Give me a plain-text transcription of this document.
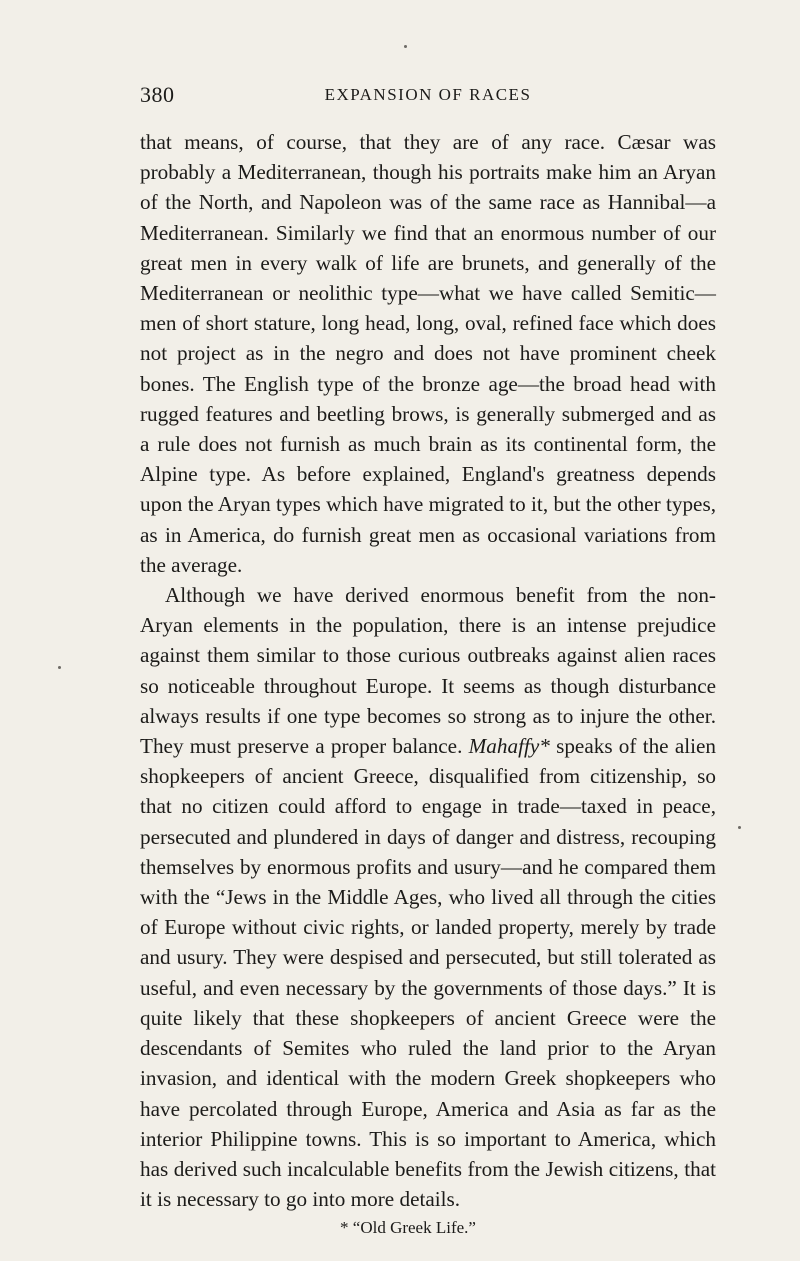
380	EXPANSION OF RACES

that means, of course, that they are of any race. Cæsar was probably a Mediterranean, though his portraits make him an Aryan of the North, and Napoleon was of the same race as Hannibal—a Mediterranean. Similarly we find that an enormous number of our great men in every walk of life are brunets, and generally of the Mediterranean or neolithic type—what we have called Semitic—men of short stature, long head, long, oval, refined face which does not project as in the negro and does not have prominent cheek bones. The English type of the bronze age—the broad head with rugged features and beetling brows, is generally submerged and as a rule does not furnish as much brain as its continental form, the Alpine type. As before explained, England's greatness depends upon the Aryan types which have migrated to it, but the other types, as in America, do furnish great men as occasional variations from the average.

Although we have derived enormous benefit from the non-Aryan elements in the population, there is an intense prejudice against them similar to those curious outbreaks against alien races so noticeable throughout Europe. It seems as though disturbance always results if one type becomes so strong as to injure the other. They must preserve a proper balance. Mahaffy* speaks of the alien shopkeepers of ancient Greece, disqualified from citizenship, so that no citizen could afford to engage in trade—taxed in peace, persecuted and plundered in days of danger and distress, recouping themselves by enormous profits and usury—and he compared them with the “Jews in the Middle Ages, who lived all through the cities of Europe without civic rights, or landed property, merely by trade and usury. They were despised and persecuted, but still tolerated as useful, and even necessary by the governments of those days.” It is quite likely that these shopkeepers of ancient Greece were the descendants of Semites who ruled the land prior to the Aryan invasion, and identical with the modern Greek shopkeepers who have percolated through Europe, America and Asia as far as the interior Philippine towns. This is so important to America, which has derived such incalculable benefits from the Jewish citizens, that it is necessary to go into more details.

* “Old Greek Life.”
